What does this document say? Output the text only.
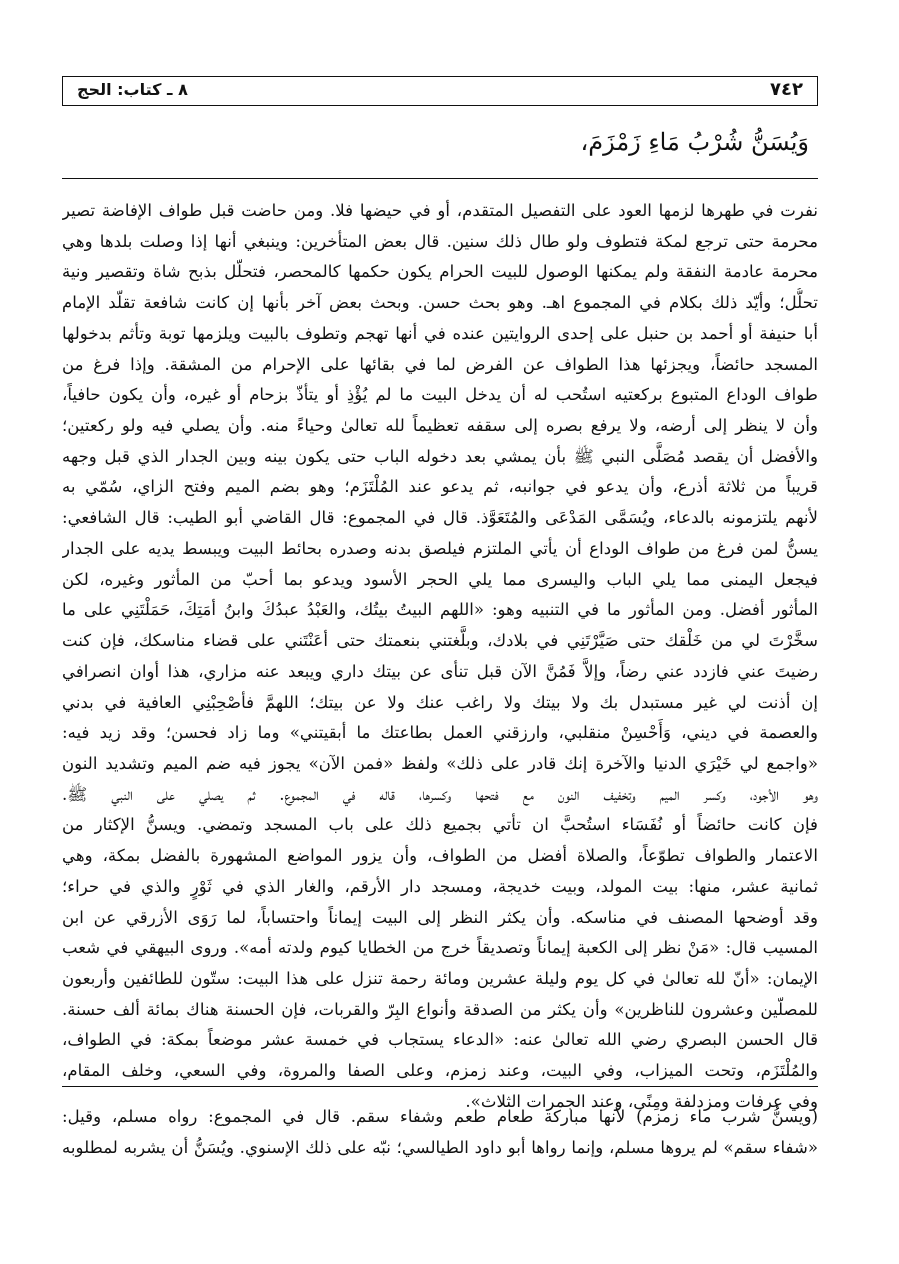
٧٤٢
٨ ـ كتاب: الحج
وَيُسَنُّ شُرْبُ مَاءِ زَمْزَمَ،
نفرت في طهرها لزمها العود على التفصيل المتقدم، أو في حيضها فلا. ومن حاضت قبل طواف الإفاضة تصير
محرمة حتى ترجع لمكة فتطوف ولو طال ذلك سنين. قال بعض المتأخرين: وينبغي أنها إذا وصلت بلدها وهي
محرمة عادمة النفقة ولم يمكنها الوصول للبيت الحرام يكون حكمها كالمحصر، فتحلّل بذبح شاة وتقصير ونية
تحلُّل؛ وأيّد ذلك بكلام في المجموع اهـ. وهو بحث حسن. وبحث بعض آخر بأنها إن كانت شافعة تقلّد الإمام
أبا حنيفة أو أحمد بن حنبل على إحدى الروايتين عنده في أنها تهجم وتطوف بالبيت ويلزمها توبة وتأثم بدخولها
المسجد حائضاً، ويجزئها هذا الطواف عن الفرض لما في بقائها على الإحرام من المشقة. وإذا فرغ من
طواف الوداع المتبوع بركعتيه استُحب له أن يدخل البيت ما لم يُؤْذِ أو يتأذّ بزحام أو غيره، وأن يكون حافياً،
وأن لا ينظر إلى أرضه، ولا يرفع بصره إلى سقفه تعظيماً لله تعالىٰ وحياءً منه. وأن يصلي فيه ولو ركعتين؛
والأفضل أن يقصد مُصَلَّى النبي ﷺ بأن يمشي بعد دخوله الباب حتى يكون بينه وبين الجدار الذي قبل وجهه
قريباً من ثلاثة أذرع، وأن يدعو في جوانبه، ثم يدعو عند المُلْتَزَم؛ وهو بضم الميم وفتح الزاي، سُمّي به
لأنهم يلتزمونه بالدعاء، ويُسَمَّى المَدْعَى والمُتَعَوَّذ. قال في المجموع: قال القاضي أبو الطيب: قال الشافعي:
يسنُّ لمن فرغ من طواف الوداع أن يأتي الملتزم فيلصق بدنه وصدره بحائط البيت ويبسط يديه على الجدار
فيجعل اليمنى مما يلي الباب واليسرى مما يلي الحجر الأسود ويدعو بما أحبّ من المأثور وغيره، لكن
المأثور أفضل. ومن المأثور ما في التنبيه وهو: «اللهم البيتُ بيتُك، والعَبْدُ عبدُكَ وابنُ أمَتِكَ، حَمَلْتَنِي على ما
سخَّرْتَ لي من خَلْقك حتى صَيَّرْتَنِي في بلادك، وبلَّغتني بنعمتك حتى أعَنْتَني على قضاء مناسكك، فإن كنت
رضيتَ عني فازدد عني رضاً، وإلاَّ فَمُنَّ الآن قبل تنأى عن بيتك داري ويبعد عنه مزاري، هذا أوان انصرافي
إن أذنت لي غير مستبدل بك ولا بيتك ولا راغب عنك ولا عن بيتك؛ اللهمَّ فأصْحِبْنِي العافية في بدني
والعصمة في ديني، وَأَحْسِنْ منقلبي، وارزقني العمل بطاعتك ما أبقيتني» وما زاد فحسن؛ وقد زيد فيه:
«واجمع لي خَيْرَي الدنيا والآخرة إنك قادر على ذلك» ولفظ «فمن الآن» يجوز فيه ضم الميم وتشديد النون
وهو الأجود، وكسر الميم وتخفيف النون مع فتحها وكسرها، قاله في المجموع. ثم يصلي على النبي ﷺ.
فإن كانت حائضاً أو نُفَسَاء استُحبَّ ان تأتي بجميع ذلك على باب المسجد وتمضي. ويسنُّ الإكثار من
الاعتمار والطواف تطوّعاً، والصلاة أفضل من الطواف، وأن يزور المواضع المشهورة بالفضل بمكة، وهي
ثمانية عشر، منها: بيت المولد، وبيت خديجة، ومسجد دار الأرقم، والغار الذي في ثَوْرٍ والذي في حراء؛
وقد أوضحها المصنف في مناسكه. وأن يكثر النظر إلى البيت إيماناً واحتساباً، لما رَوَى الأزرقي عن ابن
المسيب قال: «مَنْ نظر إلى الكعبة إيماناً وتصديقاً خرج من الخطايا كيوم ولدته أمه». وروى البيهقي في شعب
الإيمان: «أنّ لله تعالىٰ في كل يوم وليلة عشرين ومائة رحمة تنزل على هذا البيت: ستّون للطائفين وأربعون
للمصلّين وعشرون للناظرين» وأن يكثر من الصدقة وأنواع البِرّ والقربات، فإن الحسنة هناك بمائة ألف حسنة.
قال الحسن البصري رضي الله تعالىٰ عنه: «الدعاء يستجاب في خمسة عشر موضعاً بمكة: في الطواف،
والمُلْتَزَم، وتحت الميزاب، وفي البيت، وعند زمزم، وعلى الصفا والمروة، وفي السعي، وخلف المقام،
وفي عرفات ومزدلفة ومِنًى، وعند الجمرات الثلاث».
(ويسنُّ شرب ماء زمزم) لأنها مباركة طعام طعم وشفاء سقم. قال في المجموع: رواه مسلم، وقيل:
«شفاء سقم» لم يروها مسلم، وإنما رواها أبو داود الطيالسي؛ نبّه على ذلك الإسنوي. ويُسَنُّ أن يشربه لمطلوبه
